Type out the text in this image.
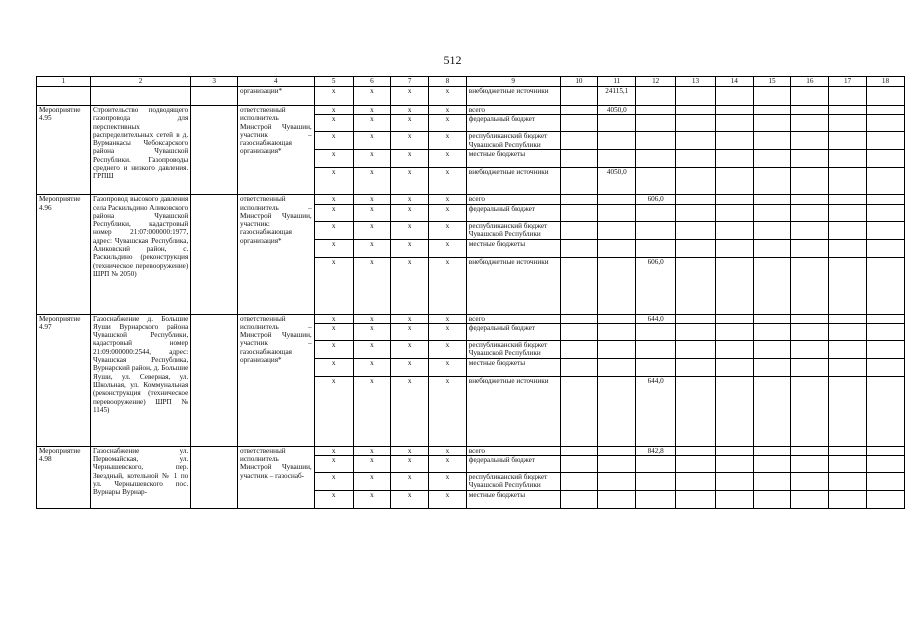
512
1	2	3	4	5	6	7	8	9	10	11	12	13	14	15	16	17	18
			организации*	x	x	x	x	внебюджетные источники		24115,1							
Мероприятие 4.95	Строительство подводящего газопровода для перспективных распределительных сетей в д. Вурманкасы Чебоксарского района Чувашской Республики. Газопроводы среднего и низкого давления. ГРПШ		ответственный исполнитель Минстрой Чувашии, участник – газоснабжающая организация*	x	x	x	x	всего		4050,0							
				x	x	x	x	федеральный бюджет									
				x	x	x	x	республиканский бюджет Чувашской Республики									
				x	x	x	x	местные бюджеты									
				x	x	x	x	внебюджетные источники		4050,0							
Мероприятие 4.96	Газопровод высокого давления села Раскильдино Аликовского района Чувашской Республики, кадастровый номер 21:07:000000:1977, адрес: Чувашская Республика, Аликовский район, с. Раскильдино (реконструкция (техническое перевооружение) ШРП № 2050)		ответственный исполнитель – Минстрой Чувашии, участник: газоснабжающая организация*	x	x	x	x	всего			606,0						
				x	x	x	x	федеральный бюджет									
				x	x	x	x	республиканский бюджет Чувашской Республики									
				x	x	x	x	местные бюджеты									
				x	x	x	x	внебюджетные источники			606,0						
Мероприятие 4.97	Газоснабжение д. Большие Яуши Вурнарского района Чувашской Республики, кадастровый номер 21:09:000000:2544, адрес: Чувашская Республика, Вурнарский район, д. Большие Яуши, ул. Северная, ул. Школьная, ул. Коммунальная (реконструкция (техническое перевооружение) ШРП № 1145)		ответственный исполнитель – Минстрой Чувашии, участник – газоснабжающая организация*	x	x	x	x	всего			644,0						
				x	x	x	x	федеральный бюджет									
				x	x	x	x	республиканский бюджет Чувашской Республики									
				x	x	x	x	местные бюджеты									
				x	x	x	x	внебюджетные источники			644,0						
Мероприятие 4.98	Газоснабжение ул. Первомайская, ул. Чернышевского, пер. Звездный, котельной № 1 по ул. Чернышевского пос. Вурнары Вурнар-		ответственный исполнитель Минстрой Чувашии, участник – газоснаб-	x	x	x	x	всего			842,8						
				x	x	x	x	федеральный бюджет									
				x	x	x	x	республиканский бюджет Чувашской Республики									
				x	x	x	x	местные бюджеты									
